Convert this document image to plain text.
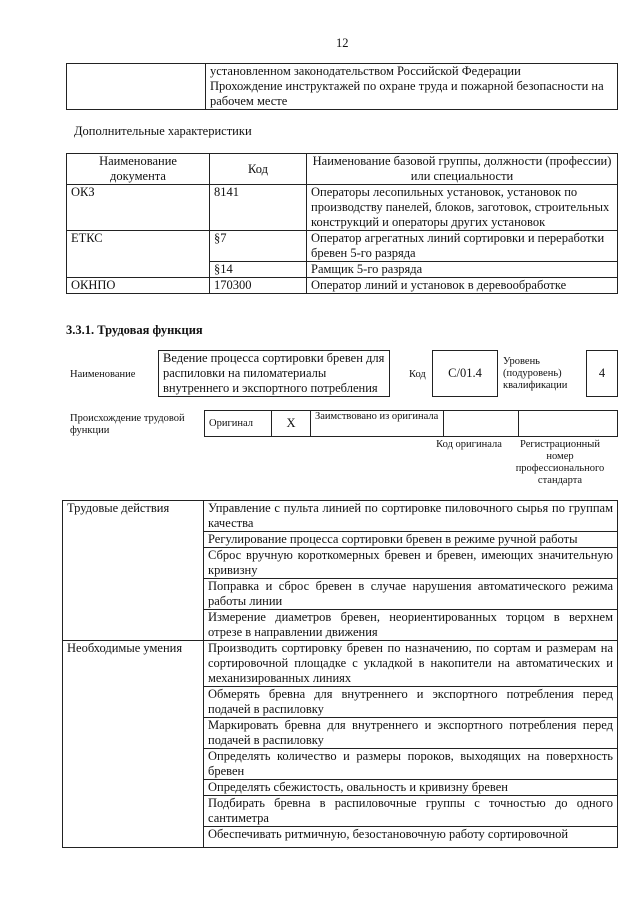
12

установленном законодательством Российской Федерации
Прохождение инструктажей по охране труда и пожарной безопасности на рабочем месте
Дополнительные характеристики
Наименование документа	Код	Наименование базовой группы, должности (профессии) или специальности
ОКЗ	8141	Операторы лесопильных установок, установок по производству панелей, блоков, заготовок, строительных конструкций и операторы других установок
ЕТКС	§7	Оператор агрегатных линий сортировки и переработки бревен 5-го разряда
	§14	Рамщик 5-го разряда
ОКНПО	170300	Оператор линий и установок в деревообработке
3.3.1. Трудовая функция
Наименование
Ведение процесса сортировки бревен для распиловки на пиломатериалы внутреннего и экспортного потребления
Код C/01.4
Уровень (подуровень) квалификации
4
Происхождение трудовой функции
Оригинал	X	Заимствовано из оригинала		
Код оригинала	Регистрационный номер профессионального стандарта
Трудовые действия	Управление с пульта линией по сортировке пиловочного сырья по группам качества
	Регулирование процесса сортировки бревен в режиме ручной работы
	Сброс вручную короткомерных бревен и бревен, имеющих значительную кривизну
	Поправка и сброс бревен в случае нарушения автоматического режима работы линии
	Измерение диаметров бревен, неориентированных торцом в верхнем отрезе в направлении движения
Необходимые умения	Производить сортировку бревен по назначению, по сортам и размерам на сортировочной площадке с укладкой в накопители на автоматических и механизированных линиях
	Обмерять бревна для внутреннего и экспортного потребления перед подачей в распиловку
	Маркировать бревна для внутреннего и экспортного потребления перед подачей в распиловку
	Определять количество и размеры пороков, выходящих на поверхность бревен
	Определять сбежистость, овальность и кривизну бревен
	Подбирать бревна в распиловочные группы с точностью до одного сантиметра
	Обеспечивать ритмичную, безостановочную работу сортировочной
